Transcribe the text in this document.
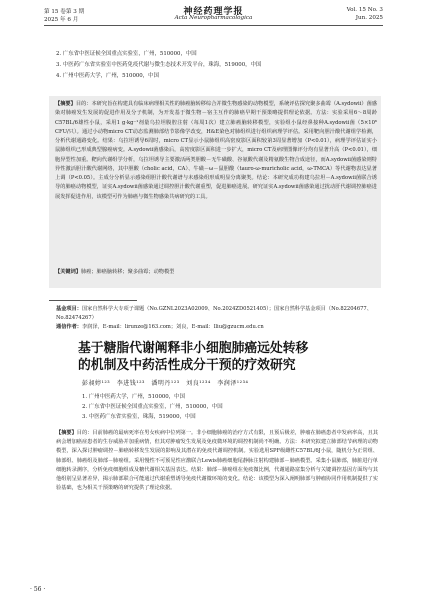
第 15 卷第 3 期
2025 年 6 月
神经药理学报
Acta Neuropharmacologica
Vol. 15 No. 3
Jun. 2025
2. 广东省中医证候全国重点实验室，广州，510000，中国
3. 中医药广东省实验室中医药免疫代谢与微生态技术开发平台，珠海，519000，中国
4. 广州中医药大学，广州，510000，中国
【摘要】目的：本研究旨在构建具有临床病理相关性的肺癌脑转移综合并微生物感染的动物模型，系统评估探究聚多曲霉（A.sydowii）菌感染对肺癌发生发展的促进作用及分子机制，为开发基于微生物－宿主互作的肺癌早期干预策略提供理论依据。方法：实验采用6～8周龄C57BL/6雄性小鼠，采用1 g·kg⁻¹剂量乌拉坦腹腔注射（每周1次）建立肺癌脑转移模型，实验组小鼠经鼻接种A.sydowii菌（5×10⁶ CFU/只）。通过小动物micro CT动态监测肺部结节影像学改变，H&E染色对肺组织进行组织病理学评估。采用靶向胆汁酸代谢组学检测，分析代谢通路变化。结果：乌拉坦诱导6周时，micro CT显示小鼠肺组织高密度影区面积较第3周显著增加（P<0.01），病理学评估证实小鼠肺组织已形成典型腺癌病变。A.sydowii菌感染后，高密度影区面积进一步扩大，micro CT及病理图像评分均有显著升高（P<0.01），细胞异型性加重。靶向代谢组学分析，乌拉坦诱导主要激活两类胆酸－无牛磺酸、谷氨酸代谢及精氨酸生物合成途径，而A.sydowii菌感染则特异性激活胆汁酸代谢网络，其中胆酸（cholic acid，CA）、牛磺－ω－鼠胆酸（tauro-ω-muricholic acid，ω-TMCA）等代谢物表达显著上调（P<0.05）。主成分分析显示感染组胆汁酸代谢谱与未感染组形成明显分离聚类。结论：本研究成功构建乌拉坦－A.sydowii菌联合诱导的肺癌动物模型，证实A.sydowii菌感染通过调控胆汁酸代谢重塑，促进肺癌进展。研究证实A.sydowii菌感染通过扰动肝代谢调控肺癌进展发挥促进作用，该模型可作为肺癌与微生物感染共病研究的工具。
【关键词】肺癌；肺癌脑转移；聚多曲霉；动物模型
基金项目：国家自然科学大专项子课题（No.GZNL2023A02009、No.2024ZD0521405）；国家自然科学基金项目（No.82204677、No.82474267）
通信作者：李润泽，E-mail：lirunze@163.com；刘良，E-mail：lliu@gzucm.edu.cn
基于糖脂代谢阐释非小细胞肺癌远处转移
的机制及中药活性成分干预的疗效研究
彭昶婷¹²³　李进钱¹²³　潘明丹¹²³　刘良¹²³⁴　李润泽¹²³⁴
1. 广州中医药大学，广州，510000，中国
2. 广东省中医证候全国重点实验室，广州，510000，中国
3. 中医药广东省实验室，珠海，519000，中国
【摘要】目的：目前肺癌的最病死率在男女疾病中位列第一。非小细胞肺癌的治疗方式有限，且预后极差，肿瘤在肺癌患者中发病率高，且其病会增加癌症患者的生存威胁并加重病情，但其对肿瘤发生发展及免疫微环境的调控机制尚不明确。方法：本研究拟建立肺部结节病理的动物模型，深入探讨肿瘤调控－肺癌转移发生发展的影响及其潜在的免疫代谢调控机制。实验选用SPF级雌性C57BL/6J小鼠，随机分为正常组、肺部组、肺癌组及肺部－肺癌组。采用慢性不可预见性应激联合Lewis肺癌细胞尾静脉注射构建肺部－肺癌模型。采集小鼠肺部，肺脏进行单细胞转录测序，分析免疫细胞组成及糖代谢相关基因表达。结果：肺部－肺癌组在免疫微比例，代谢通路富集分析与关键调控基因方面均与其他组别呈显著差异，揭示肺部联合可能通过代谢重塑诱导免疫代谢微环境的变化。结论：该模型为深入阐明肺部与肿瘤协同作用机制提供了实验基础，也为相关干预策略的研究提供了理论依据。
· 56 ·
